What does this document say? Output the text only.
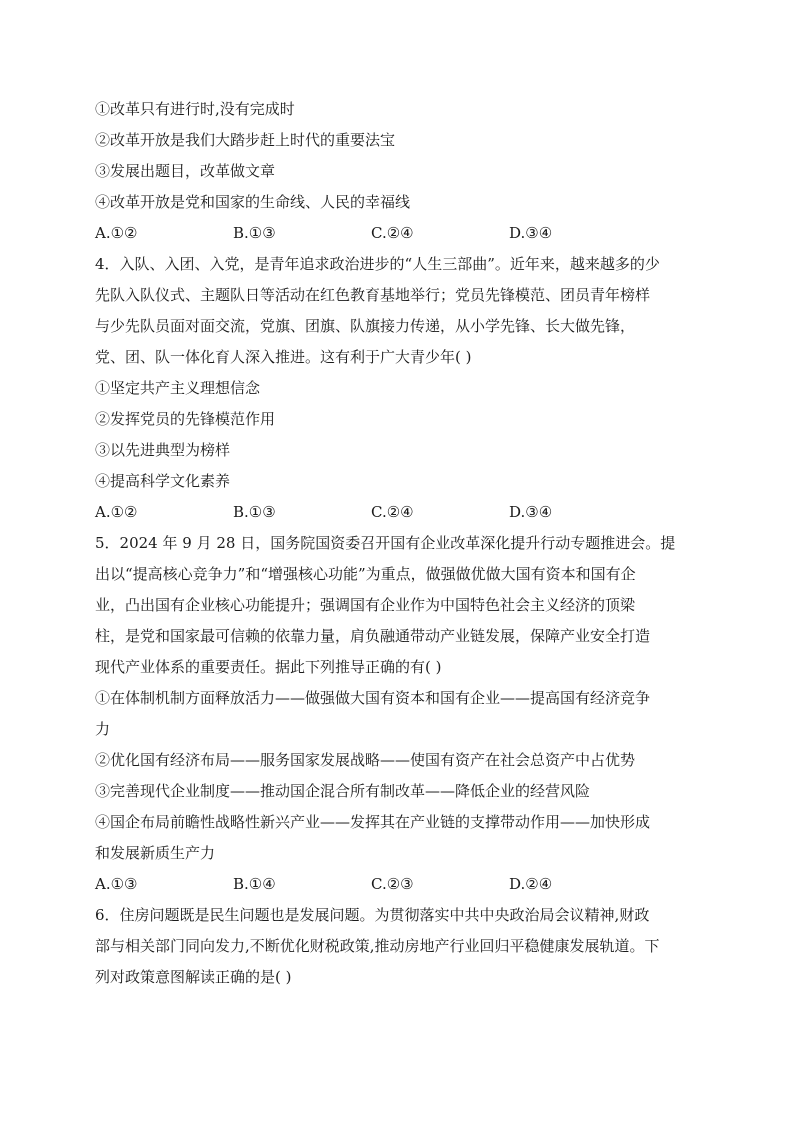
①改革只有进行时,没有完成时
②改革开放是我们大踏步赶上时代的重要法宝
③发展出题目，改革做文章
④改革开放是党和国家的生命线、人民的幸福线
A.①②	B.①③	C.②④	D.③④
4．入队、入团、入党，是青年追求政治进步的“人生三部曲”。近年来，越来越多的少
先队入队仪式、主题队日等活动在红色教育基地举行；党员先锋模范、团员青年榜样
与少先队员面对面交流，党旗、团旗、队旗接力传递，从小学先锋、长大做先锋，
党、团、队一体化育人深入推进。这有利于广大青少年( )
①坚定共产主义理想信念
②发挥党员的先锋模范作用
③以先进典型为榜样
④提高科学文化素养
A.①②	B.①③	C.②④	D.③④
5．2024 年 9 月 28 日，国务院国资委召开国有企业改革深化提升行动专题推进会。提
出以“提高核心竞争力”和“增强核心功能”为重点，做强做优做大国有资本和国有企
业，凸出国有企业核心功能提升；强调国有企业作为中国特色社会主义经济的顶梁
柱，是党和国家最可信赖的依靠力量，肩负融通带动产业链发展，保障产业安全打造
现代产业体系的重要责任。据此下列推导正确的有( )
①在体制机制方面释放活力——做强做大国有资本和国有企业——提高国有经济竞争
力
②优化国有经济布局——服务国家发展战略——使国有资产在社会总资产中占优势
③完善现代企业制度——推动国企混合所有制改革——降低企业的经营风险
④国企布局前瞻性战略性新兴产业——发挥其在产业链的支撑带动作用——加快形成
和发展新质生产力
A.①③	B.①④	C.②③	D.②④
6．住房问题既是民生问题也是发展问题。为贯彻落实中共中央政治局会议精神,财政
部与相关部门同向发力,不断优化财税政策,推动房地产行业回归平稳健康发展轨道。下
列对政策意图解读正确的是( )
